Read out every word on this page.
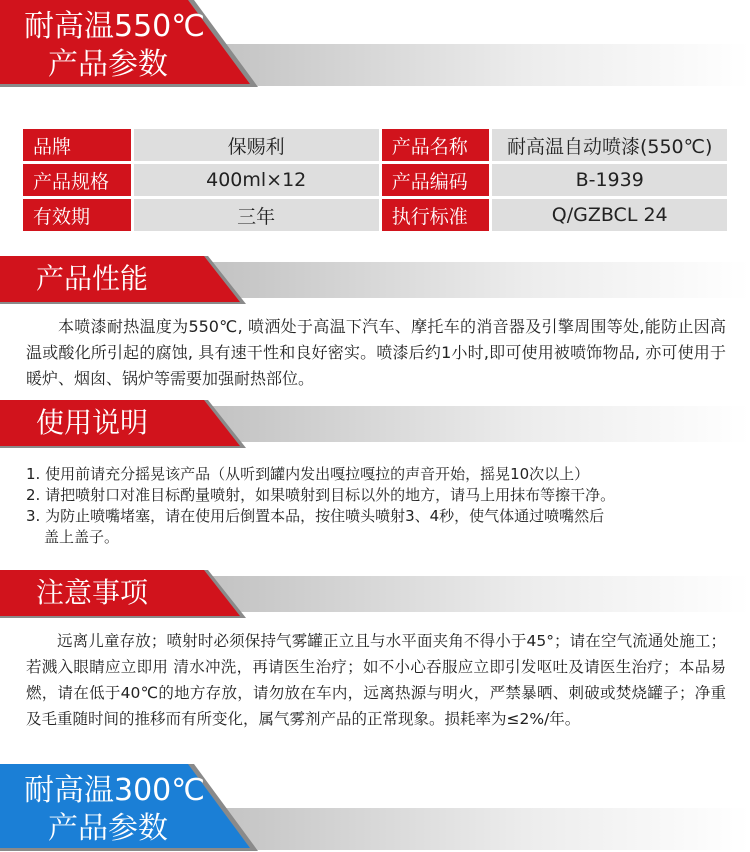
耐高温550℃
产品参数
品牌	保赐利	产品名称	耐高温自动喷漆(550℃)
产品规格	400ml×12	产品编码	B-1939
有效期	三年	执行标准	Q/GZBCL 24
产品性能

本喷漆耐热温度为550℃, 喷洒处于高温下汽车、摩托车的消音器及引擎周围等处,能防止因高温或酸化所引起的腐蚀, 具有速干性和良好密实。喷漆后约1小时,即可使用被喷饰物品, 亦可使用于暖炉、烟囱、锅炉等需要加强耐热部位。

使用说明
1. 使用前请充分摇晃该产品（从听到罐内发出嘎拉嘎拉的声音开始，摇晃10次以上）
2. 请把喷射口对准目标酌量喷射，如果喷射到目标以外的地方，请马上用抹布等擦干净。
3. 为防止喷嘴堵塞，请在使用后倒置本品，按住喷头喷射3、4秒，使气体通过喷嘴然后
盖上盖子。
注意事项

远离儿童存放；喷射时必须保持气雾罐正立且与水平面夹角不得小于45°；请在空气流通处施工；若溅入眼睛应立即用 清水冲洗，再请医生治疗；如不小心吞服应立即引发呕吐及请医生治疗；本品易燃，请在低于40℃的地方存放，请勿放在车内，远离热源与明火，严禁暴晒、刺破或焚烧罐子；净重及毛重随时间的推移而有所变化，属气雾剂产品的正常现象。损耗率为≤2%/年。

耐高温300℃
产品参数
